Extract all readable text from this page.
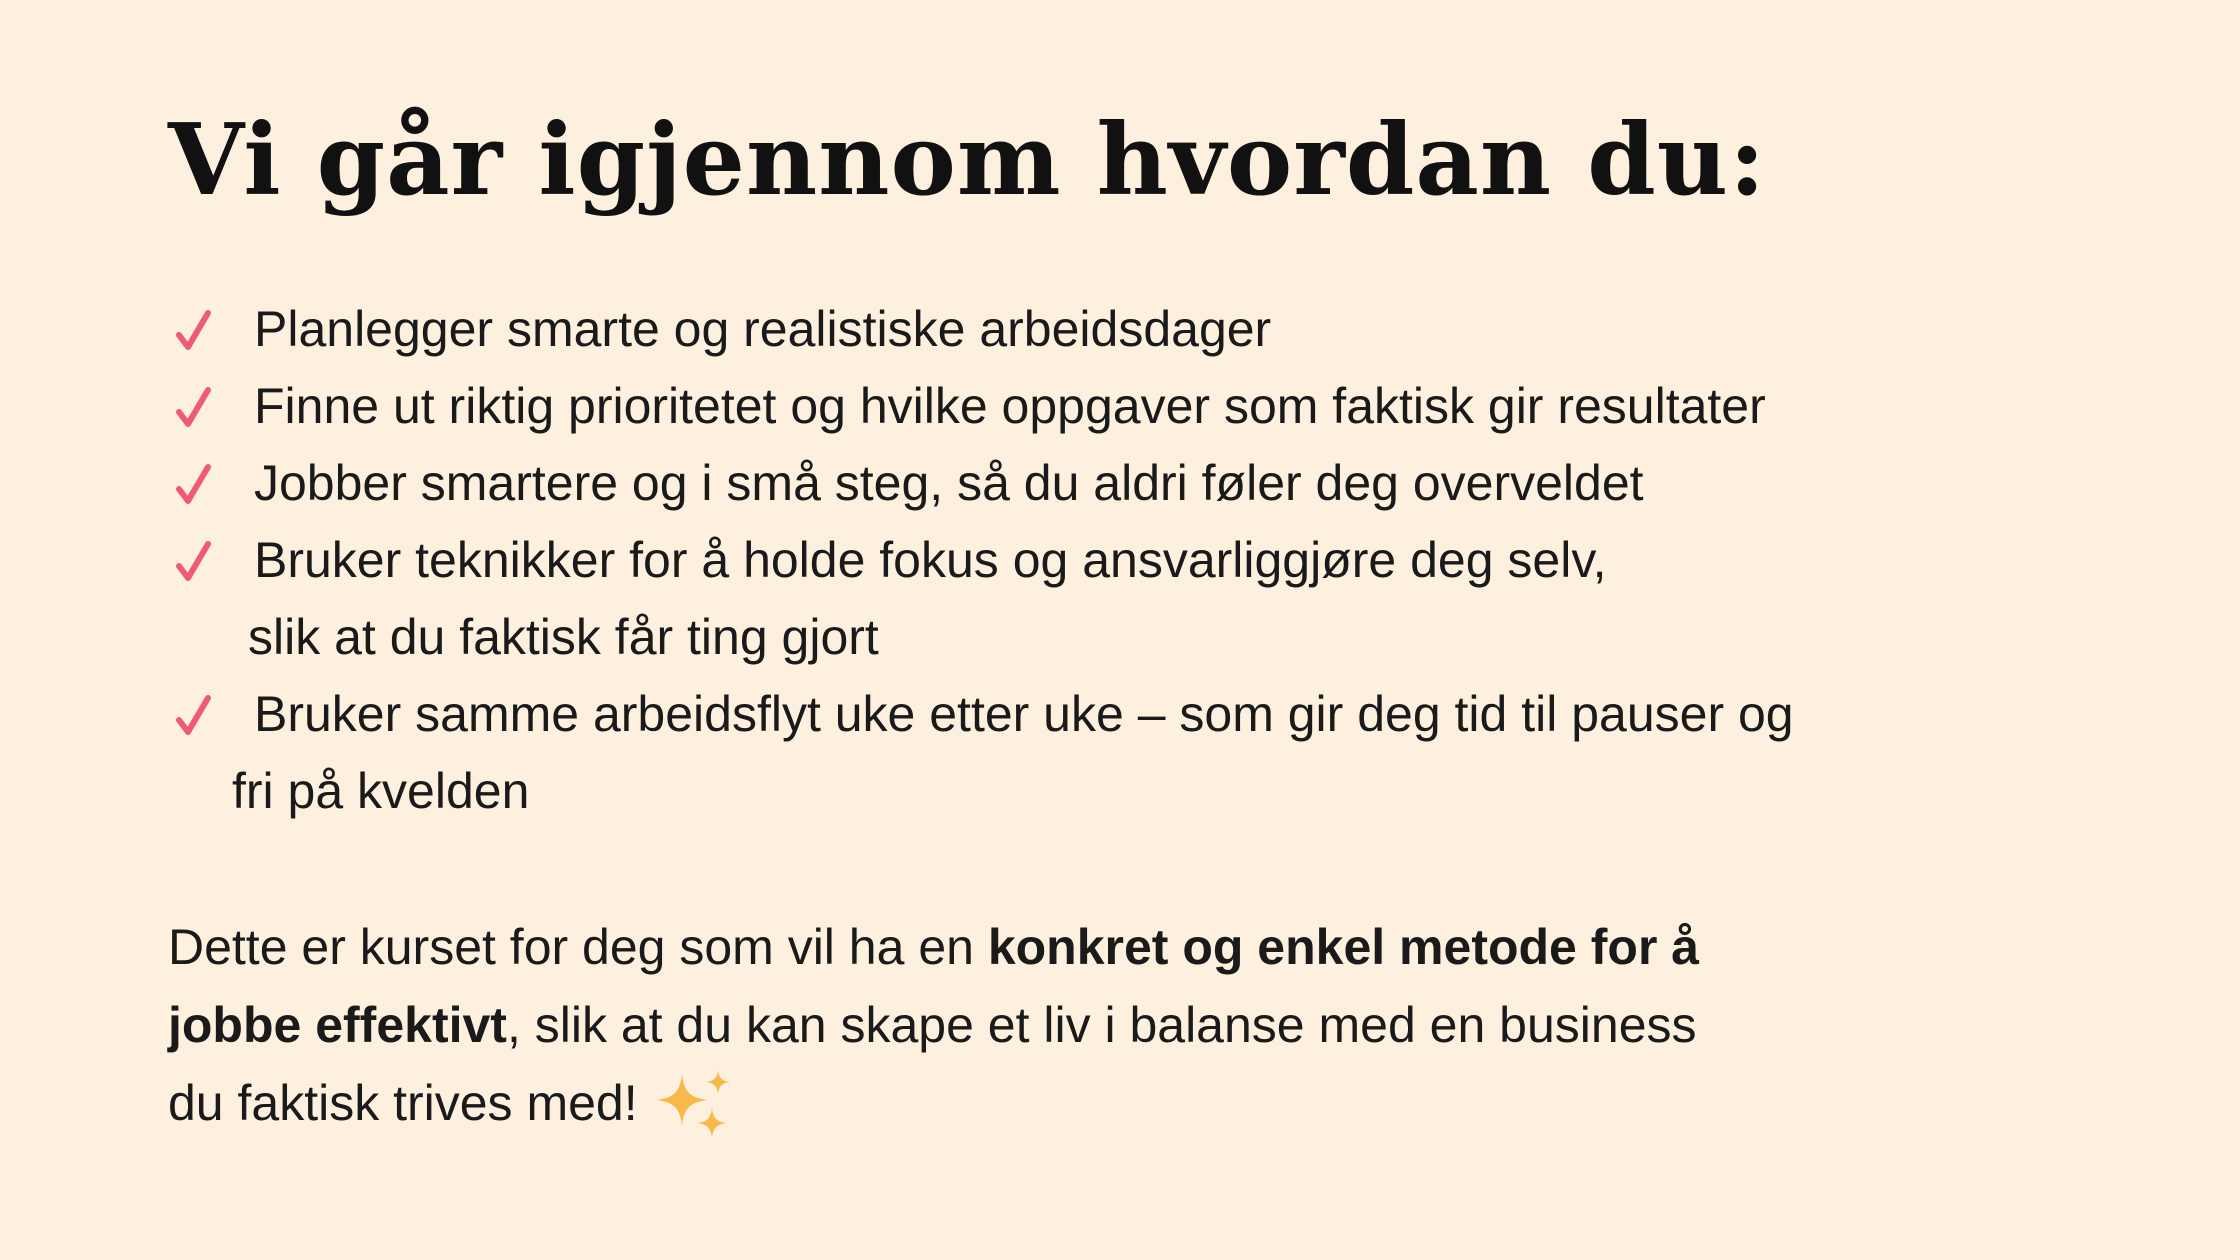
Vi går igjennom hvordan du:
Planlegger smarte og realistiske arbeidsdager
Finne ut riktig prioritetet og hvilke oppgaver som faktisk gir resultater
Jobber smartere og i små steg, så du aldri føler deg overveldet
Bruker teknikker for å holde fokus og ansvarliggjøre deg selv,
slik at du faktisk får ting gjort
Bruker samme arbeidsflyt uke etter uke – som gir deg tid til pauser og
fri på kvelden

Dette er kurset for deg som vil ha en konkret og enkel metode for å
jobbe effektivt, slik at du kan skape et liv i balanse med en business
du faktisk trives med!
